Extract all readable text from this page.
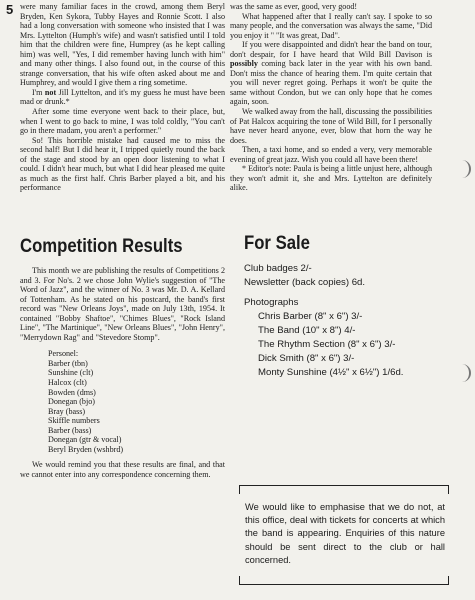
5 were many familiar faces in the crowd, among them Beryl Bryden, Ken Sykora, Tubby Hayes and Ronnie Scott. I also had a long conversation with someone who insisted that I was Mrs. Lyttelton (Humph's wife) and wasn't satisfied until I told him that the children were fine, Humprey (as he kept calling him) was well, "Yes, I did remember having lunch with him" and many other things. I also found out, in the course of this strange conversation, that his wife often asked about me and Humphrey, and would I give them a ring sometime.

I'm not Jill Lyttelton, and it's my guess he must have been mad or drunk.*

After some time everyone went back to their place, but, when I went to go back to mine, I was told coldly, "You can't go in there madam, you aren't a performer."

So! This horrible mistake had caused me to miss the second half! But I did hear it, I tripped quietly round the back of the stage and stood by an open door listening to what I could. I didn't hear much, but what I did hear pleased me quite as much as the first half. Chris Barber played a bit, and his performance

was the same as ever, good, very good!

What happened after that I really can't say. I spoke to so many people, and the conversation was always the same, "Did you enjoy it " "It was great, Dad".

If you were disappointed and didn't hear the band on tour, don't despair, for I have heard that Wild Bill Davison is possibly coming back later in the year with his own band. Don't miss the chance of hearing them. I'm quite certain that you will never regret going. Perhaps it won't be quite the same without Condon, but we can only hope that he comes again, soon.

We walked away from the hall, discussing the possibilities of Pat Halcox acquiring the tone of Wild Bill, for I personally have never heard anyone, ever, blow that horn the way he does.

Then, a taxi home, and so ended a very, very memorable evening of great jazz. Wish you could all have been there!

* Editor's note: Paula is being a little unjust here, although they won't admit it, she and Mrs. Lyttelton are definitely alike.

Competition Results

This month we are publishing the results of Competitions 2 and 3. For No's. 2 we chose John Wylie's suggestion of "The Word of Jazz", and the winner of No. 3 was Mr. D. A. Kellard of Tottenham. As he stated on his postcard, the band's first record was "New Orleans Joys", made on July 13th, 1954. It contained "Bobby Shaftoe", "Chimes Blues", "Rock Island Line", "The Martinique", "New Orleans Blues", "John Henry", "Merrydown Rag" and "Stevedore Stomp".

Personel:
Barber (tbn)
Sunshine (clt)
Halcox (clt)
Bowden (dms)
Donegan (bjo)
Bray (bass)
Skiffle numbers
Barber (bass)
Donegan (gtr & vocal)
Beryl Bryden (wshbrd)

We would remind you that these results are final, and that we cannot enter into any correspondence concerning them.

For Sale
Club badges 2/-
Newsletter (back copies) 6d.
Photographs
Chris Barber (8" x 6") 3/-
The Band (10" x 8") 4/-
The Rhythm Section (8" x 6") 3/-
Dick Smith (8" x 6") 3/-
Monty Sunshine (4½" x 6½") 1/6d.
We would like to emphasise that we do not, at this office, deal with tickets for concerts at which the band is appearing. Enquiries of this nature should be sent direct to the club or hall concerned.
